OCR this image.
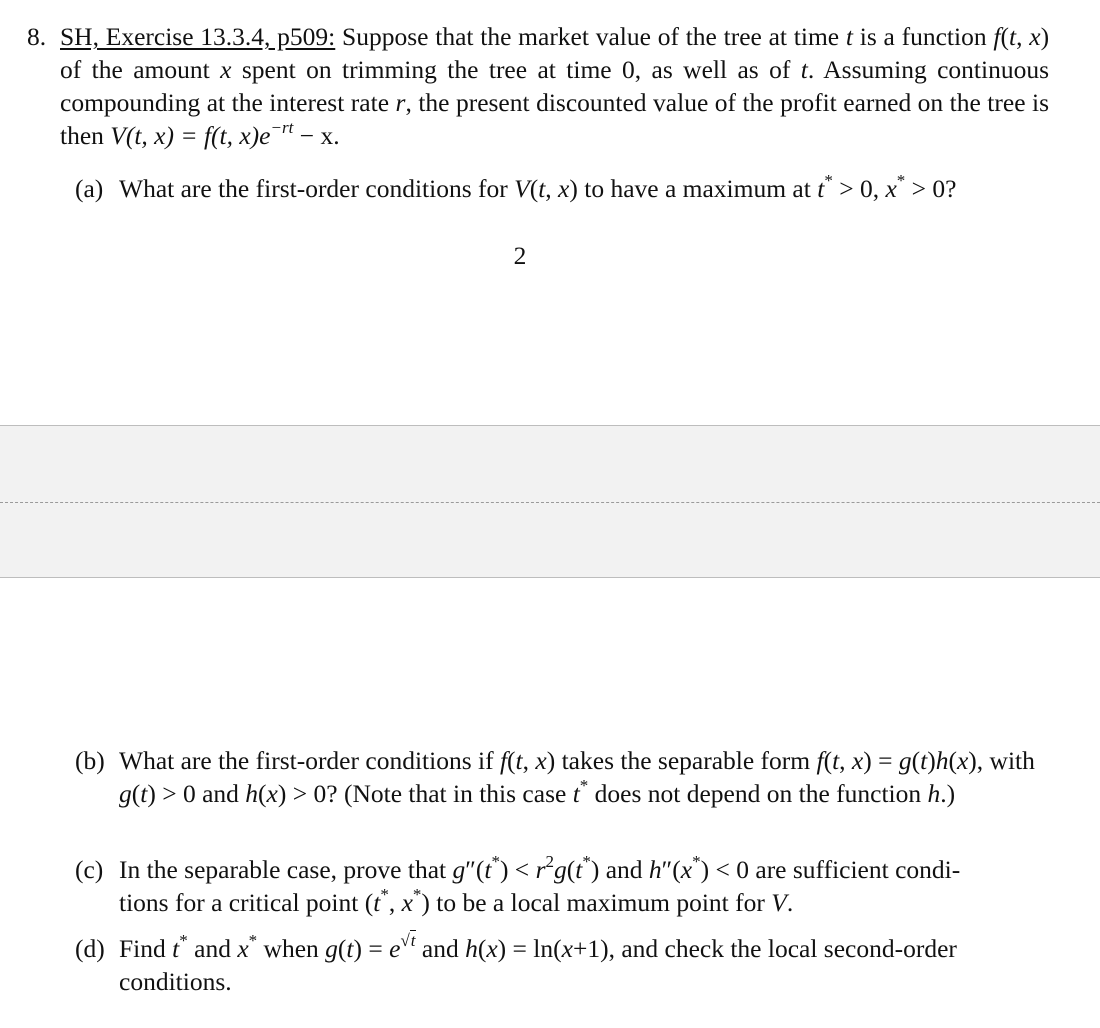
8. SH, Exercise 13.3.4, p509: Suppose that the market value of the tree at time t is a function f(t, x) of the amount x spent on trimming the tree at time 0, as well as of t. Assuming continuous compounding at the interest rate r, the present discounted value of the profit earned on the tree is then V(t, x) = f(t, $x)e^{-rt} - x$.
(a) What are the first-order conditions for V(t, x) to have a maximum at t* > 0, x* > 0?
2
(b) What are the first-order conditions if f(t, x) takes the separable form f(t, x) = g(t)h(x), with g(t) > 0 and h(x) > 0? (Note that in this case t* does not depend on the function h.)
(c) In the separable case, prove that $g''(t^*) < r^2g(t^*)$ and h″(x*) < 0 are sufficient condi-
tions for a critical point (t*, x*) to be a local maximum point for V.
(d) Find t* and x* when $g(t) = e^{√t}$ and h(x) = ln(x+1), and check the local second-order
conditions.
